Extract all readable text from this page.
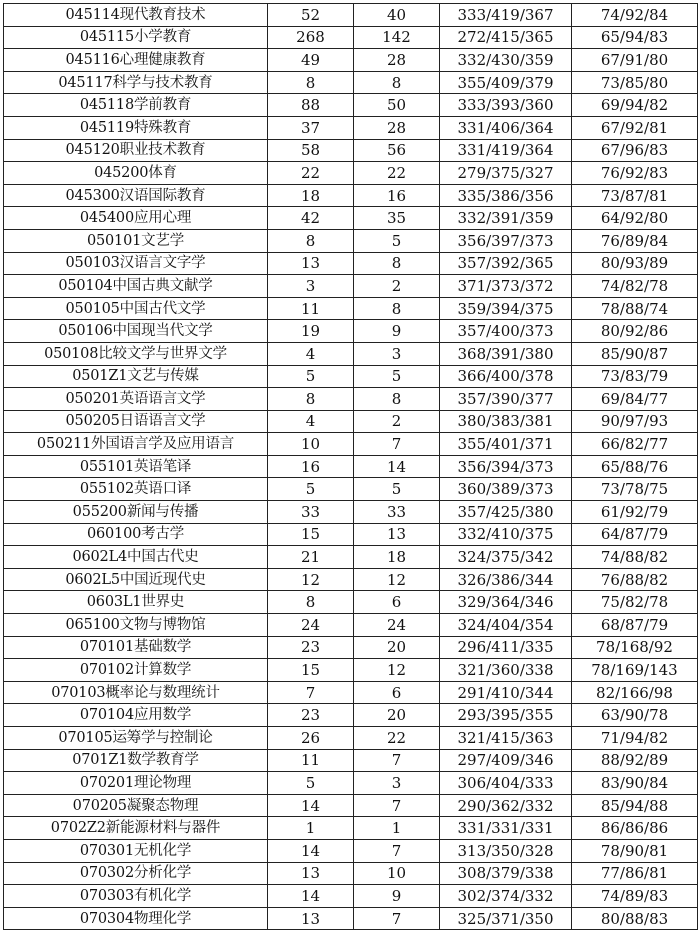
045114现代教育技术	52	40	333/419/367	74/92/84
045115小学教育	268	142	272/415/365	65/94/83
045116心理健康教育	49	28	332/430/359	67/91/80
045117科学与技术教育	8	8	355/409/379	73/85/80
045118学前教育	88	50	333/393/360	69/94/82
045119特殊教育	37	28	331/406/364	67/92/81
045120职业技术教育	58	56	331/419/364	67/96/83
045200体育	22	22	279/375/327	76/92/83
045300汉语国际教育	18	16	335/386/356	73/87/81
045400应用心理	42	35	332/391/359	64/92/80
050101文艺学	8	5	356/397/373	76/89/84
050103汉语言文字学	13	8	357/392/365	80/93/89
050104中国古典文献学	3	2	371/373/372	74/82/78
050105中国古代文学	11	8	359/394/375	78/88/74
050106中国现当代文学	19	9	357/400/373	80/92/86
050108比较文学与世界文学	4	3	368/391/380	85/90/87
0501Z1文艺与传媒	5	5	366/400/378	73/83/79
050201英语语言文学	8	8	357/390/377	69/84/77
050205日语语言文学	4	2	380/383/381	90/97/93
050211外国语言学及应用语言	10	7	355/401/371	66/82/77
055101英语笔译	16	14	356/394/373	65/88/76
055102英语口译	5	5	360/389/373	73/78/75
055200新闻与传播	33	33	357/425/380	61/92/79
060100考古学	15	13	332/410/375	64/87/79
0602L4中国古代史	21	18	324/375/342	74/88/82
0602L5中国近现代史	12	12	326/386/344	76/88/82
0603L1世界史	8	6	329/364/346	75/82/78
065100文物与博物馆	24	24	324/404/354	68/87/79
070101基础数学	23	20	296/411/335	78/168/92
070102计算数学	15	12	321/360/338	78/169/143
070103概率论与数理统计	7	6	291/410/344	82/166/98
070104应用数学	23	20	293/395/355	63/90/78
070105运筹学与控制论	26	22	321/415/363	71/94/82
0701Z1数学教育学	11	7	297/409/346	88/92/89
070201理论物理	5	3	306/404/333	83/90/84
070205凝聚态物理	14	7	290/362/332	85/94/88
0702Z2新能源材料与器件	1	1	331/331/331	86/86/86
070301无机化学	14	7	313/350/328	78/90/81
070302分析化学	13	10	308/379/338	77/86/81
070303有机化学	14	9	302/374/332	74/89/83
070304物理化学	13	7	325/371/350	80/88/83
